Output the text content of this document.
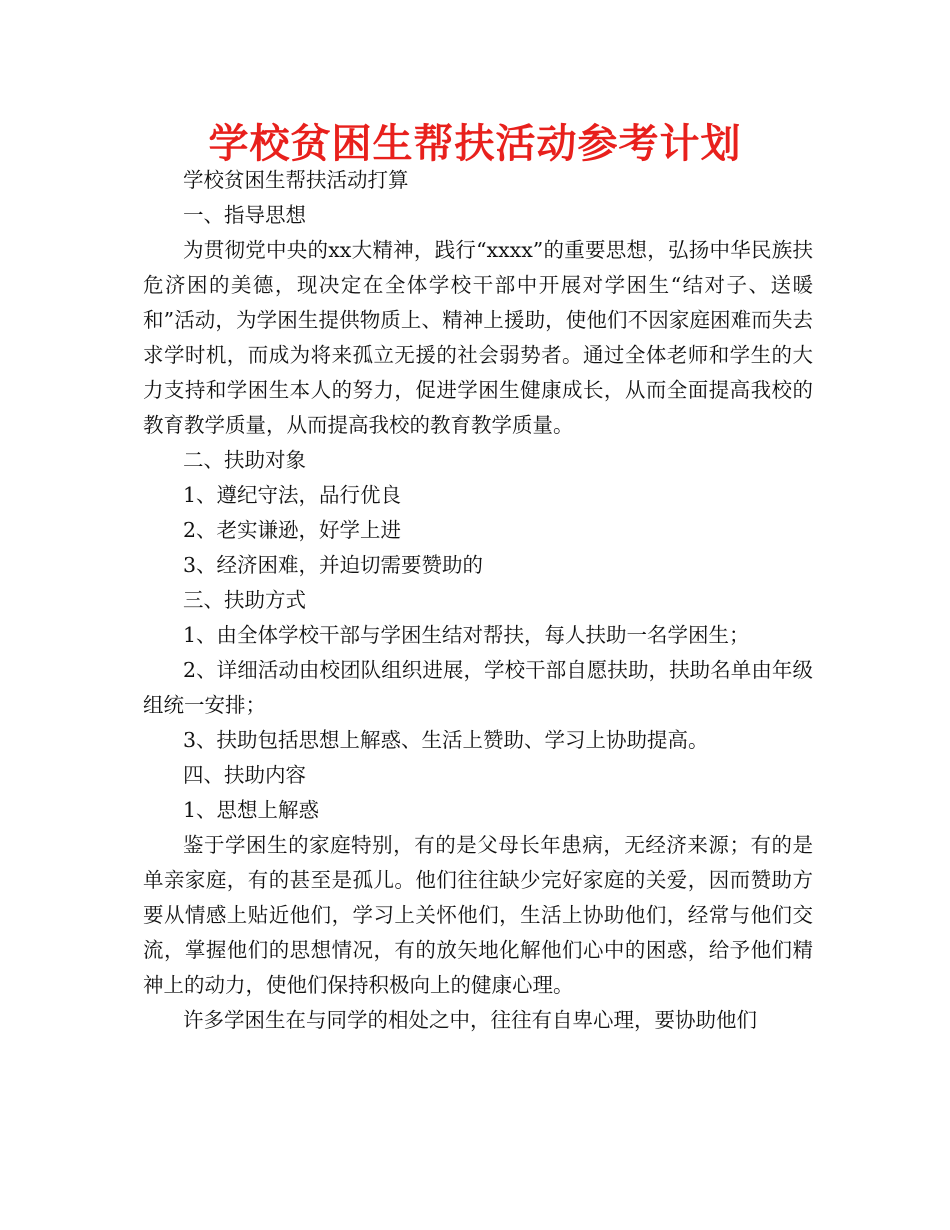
学校贫困生帮扶活动参考计划

学校贫困生帮扶活动打算

一、指导思想

为贯彻党中央的xx大精神，践行“xxxx”的重要思想，弘扬中华民族扶危济困的美德，现决定在全体学校干部中开展对学困生“结对子、送暖和”活动，为学困生提供物质上、精神上援助，使他们不因家庭困难而失去求学时机，而成为将来孤立无援的社会弱势者。通过全体老师和学生的大力支持和学困生本人的努力，促进学困生健康成长，从而全面提高我校的教育教学质量，从而提高我校的教育教学质量。

二、扶助对象

1、遵纪守法，品行优良

2、老实谦逊，好学上进

3、经济困难，并迫切需要赞助的

三、扶助方式

1、由全体学校干部与学困生结对帮扶，每人扶助一名学困生；

2、详细活动由校团队组织进展，学校干部自愿扶助，扶助名单由年级组统一安排；

3、扶助包括思想上解惑、生活上赞助、学习上协助提高。

四、扶助内容

1、思想上解惑

鉴于学困生的家庭特别，有的是父母长年患病，无经济来源；有的是单亲家庭，有的甚至是孤儿。他们往往缺少完好家庭的关爱，因而赞助方要从情感上贴近他们，学习上关怀他们，生活上协助他们，经常与他们交流，掌握他们的思想情况，有的放矢地化解他们心中的困惑，给予他们精神上的动力，使他们保持积极向上的健康心理。

许多学困生在与同学的相处之中，往往有自卑心理，要协助他们
